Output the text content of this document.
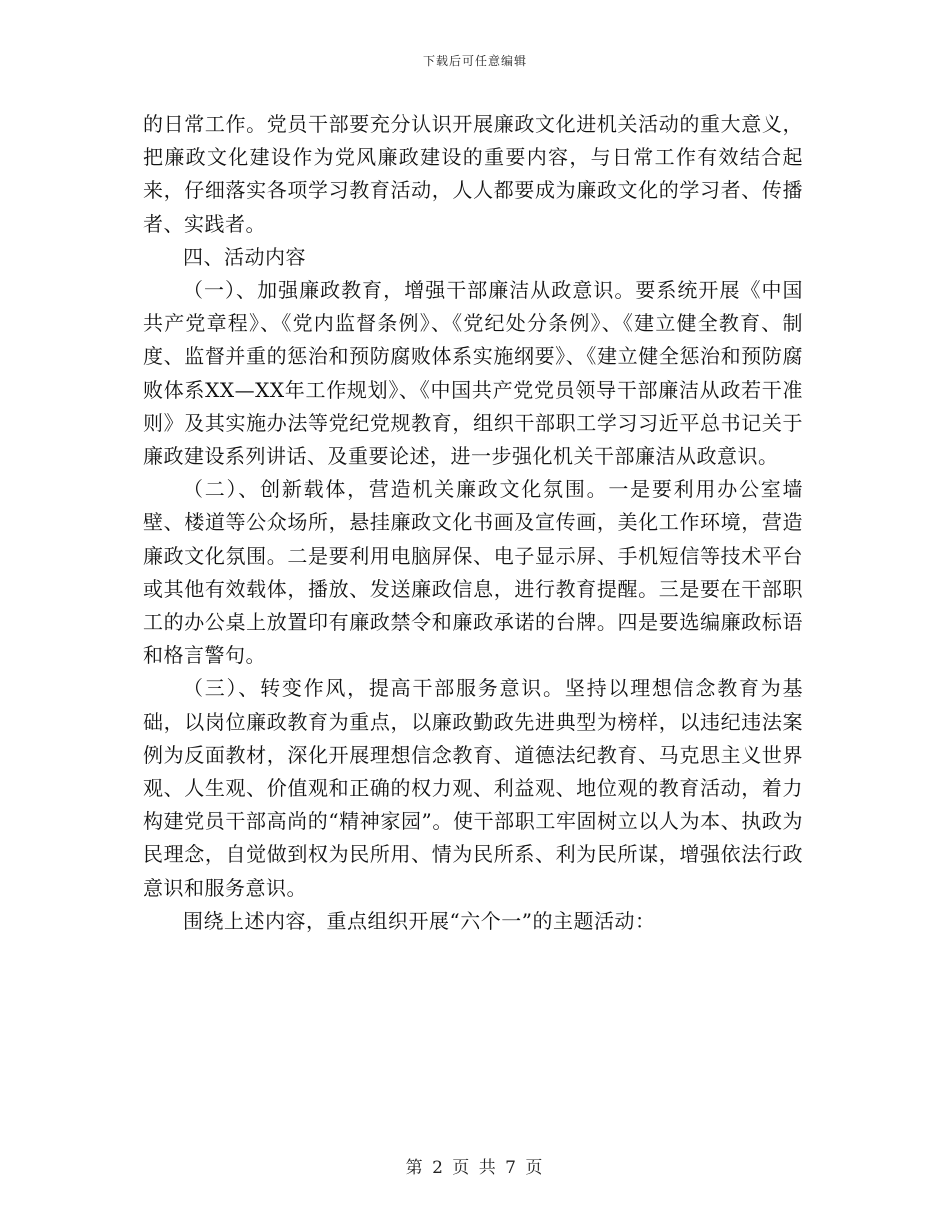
下载后可任意编辑

的日常工作。党员干部要充分认识开展廉政文化进机关活动的重大意义，把廉政文化建设作为党风廉政建设的重要内容，与日常工作有效结合起来，仔细落实各项学习教育活动，人人都要成为廉政文化的学习者、传播者、实践者。

四、活动内容

（一）、加强廉政教育，增强干部廉洁从政意识。要系统开展《中国共产党章程》、《党内监督条例》、《党纪处分条例》、《建立健全教育、制度、监督并重的惩治和预防腐败体系实施纲要》、《建立健全惩治和预防腐败体系XX—XX年工作规划》、《中国共产党党员领导干部廉洁从政若干准则》及其实施办法等党纪党规教育，组织干部职工学习习近平总书记关于廉政建设系列讲话、及重要论述，进一步强化机关干部廉洁从政意识。

（二）、创新载体，营造机关廉政文化氛围。一是要利用办公室墙壁、楼道等公众场所，悬挂廉政文化书画及宣传画，美化工作环境，营造廉政文化氛围。二是要利用电脑屏保、电子显示屏、手机短信等技术平台或其他有效载体，播放、发送廉政信息，进行教育提醒。三是要在干部职工的办公桌上放置印有廉政禁令和廉政承诺的台牌。四是要选编廉政标语和格言警句。

（三）、转变作风，提高干部服务意识。坚持以理想信念教育为基础，以岗位廉政教育为重点，以廉政勤政先进典型为榜样，以违纪违法案例为反面教材，深化开展理想信念教育、道德法纪教育、马克思主义世界观、人生观、价值观和正确的权力观、利益观、地位观的教育活动，着力构建党员干部高尚的“精神家园”。使干部职工牢固树立以人为本、执政为民理念，自觉做到权为民所用、情为民所系、利为民所谋，增强依法行政意识和服务意识。

围绕上述内容，重点组织开展“六个一”的主题活动：

第 2 页 共 7 页
